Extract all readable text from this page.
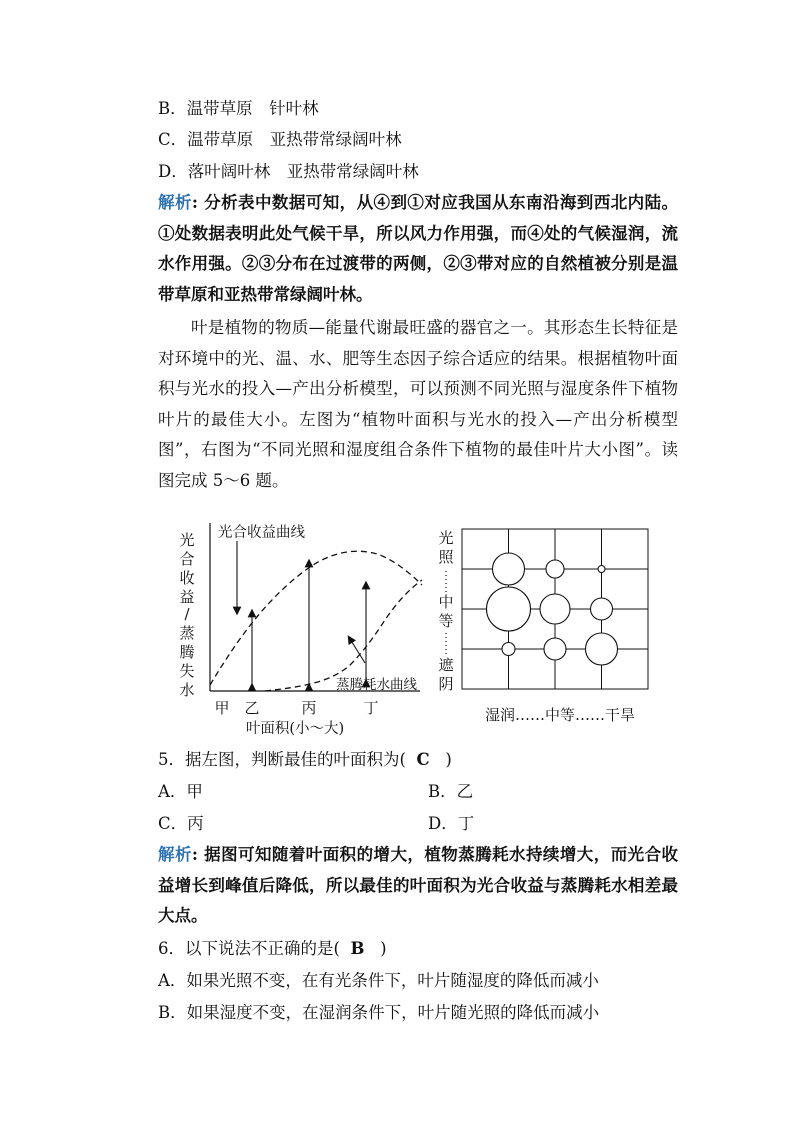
B．温带草原　针叶林
C．温带草原　亚热带常绿阔叶林
D．落叶阔叶林　亚热带常绿阔叶林
解析: 分析表中数据可知，从④到①对应我国从东南沿海到西北内陆。①处数据表明此处气候干旱，所以风力作用强，而④处的气候湿润，流水作用强。②③分布在过渡带的两侧，②③带对应的自然植被分别是温带草原和亚热带常绿阔叶林。
叶是植物的物质—能量代谢最旺盛的器官之一。其形态生长特征是对环境中的光、温、水、肥等生态因子综合适应的结果。根据植物叶面积与光水的投入—产出分析模型，可以预测不同光照与湿度条件下植物叶片的最佳大小。左图为“植物叶面积与光水的投入—产出分析模型图”，右图为“不同光照和湿度组合条件下植物的最佳叶片大小图”。读图完成 5～6 题。
光
合
收
益
/
蒸
腾
失
水
光合收益曲线
蒸腾耗水曲线
甲 乙	丙	丁
叶面积(小～大)
光
照
中
等
遮
阴
湿润……中等……干旱
5．据左图，判断最佳的叶面积为( C )
A．甲	B．乙
C．丙	D．丁
解析: 据图可知随着叶面积的增大，植物蒸腾耗水持续增大，而光合收益增长到峰值后降低，所以最佳的叶面积为光合收益与蒸腾耗水相差最大点。
6．以下说法不正确的是( B )
A．如果光照不变，在有光条件下，叶片随湿度的降低而减小
B．如果湿度不变，在湿润条件下，叶片随光照的降低而减小
